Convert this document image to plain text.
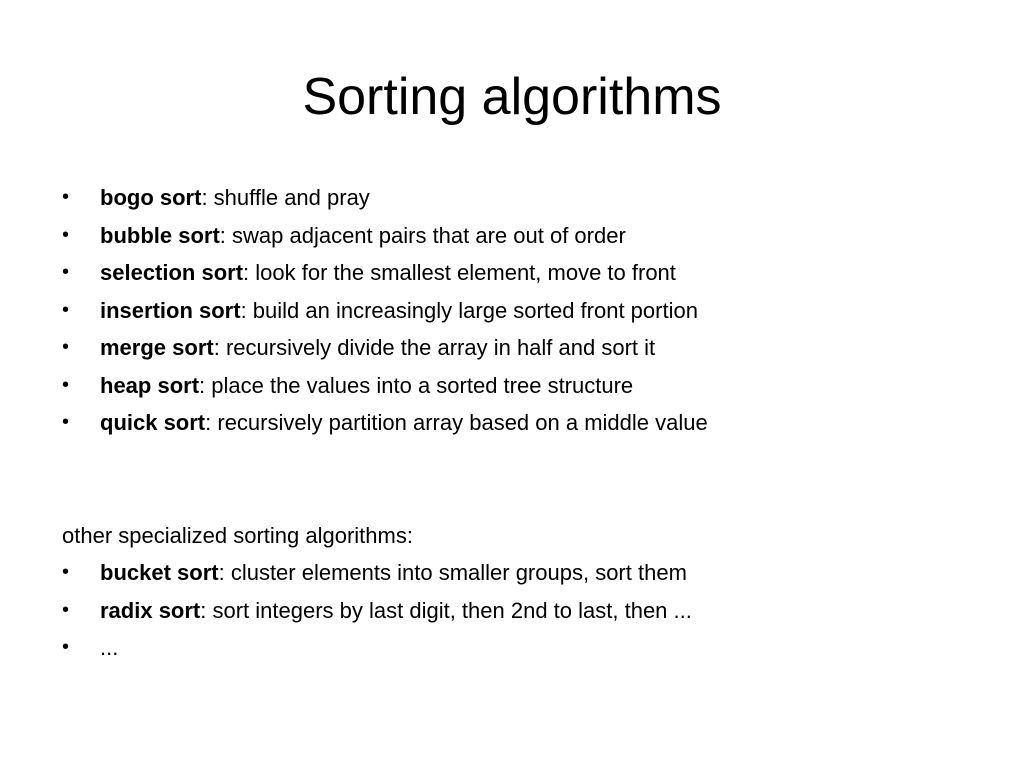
Sorting algorithms
•	bogo sort: shuffle and pray
•	bubble sort: swap adjacent pairs that are out of order
•	selection sort: look for the smallest element, move to front
•	insertion sort: build an increasingly large sorted front portion
•	merge sort: recursively divide the array in half and sort it
•	heap sort: place the values into a sorted tree structure
•	quick sort: recursively partition array based on a middle value
other specialized sorting algorithms:
•	bucket sort: cluster elements into smaller groups, sort them
•	radix sort: sort integers by last digit, then 2nd to last, then ...
•	...
